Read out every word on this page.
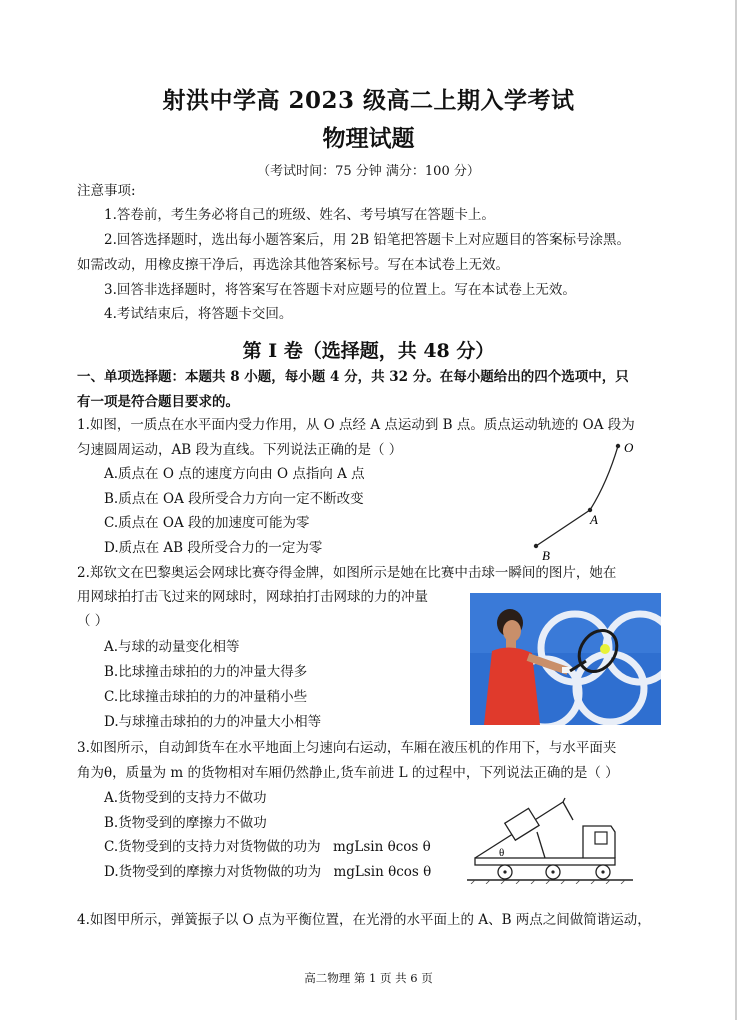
射洪中学高 2023 级高二上期入学考试
物理试题
（考试时间：75 分钟 满分：100 分）
注意事项:
1.答卷前，考生务必将自己的班级、姓名、考号填写在答题卡上。
2.回答选择题时，选出每小题答案后，用 2B 铅笔把答题卡上对应题目的答案标号涂黑。
如需改动，用橡皮擦干净后，再选涂其他答案标号。写在本试卷上无效。
3.回答非选择题时，将答案写在答题卡对应题号的位置上。写在本试卷上无效。
4.考试结束后，将答题卡交回。
第 I 卷（选择题，共 48 分）
一、单项选择题：本题共 8 小题，每小题 4 分，共 32 分。在每小题给出的四个选项中，只
有一项是符合题目要求的。
1.如图，一质点在水平面内受力作用，从 O 点经 A 点运动到 B 点。质点运动轨迹的 OA 段为
匀速圆周运动，AB 段为直线。下列说法正确的是（ ）
A.质点在 O 点的速度方向由 O 点指向 A 点
B.质点在 OA 段所受合力方向一定不断改变
C.质点在 OA 段的加速度可能为零
D.质点在 AB 段所受合力的一定为零
O
A
B
2.郑钦文在巴黎奥运会网球比赛夺得金牌，如图所示是她在比赛中击球一瞬间的图片，她在
用网球拍打击飞过来的网球时，网球拍打击网球的力的冲量
（ ）
A.与球的动量变化相等
B.比球撞击球拍的力的冲量大得多
C.比球撞击球拍的力的冲量稍小些
D.与球撞击球拍的力的冲量大小相等
3.如图所示，自动卸货车在水平地面上匀速向右运动，车厢在液压机的作用下，与水平面夹
角为θ，质量为 m 的货物相对车厢仍然静止,货车前进 L 的过程中，下列说法正确的是（ ）
A.货物受到的支持力不做功
B.货物受到的摩擦力不做功
C.货物受到的支持力对货物做的功为 mgLsin θcos θ
D.货物受到的摩擦力对货物做的功为 mgLsin θcos θ
θ
4.如图甲所示，弹簧振子以 O 点为平衡位置，在光滑的水平面上的 A、B 两点之间做简谐运动，
高二物理 第 1 页 共 6 页
